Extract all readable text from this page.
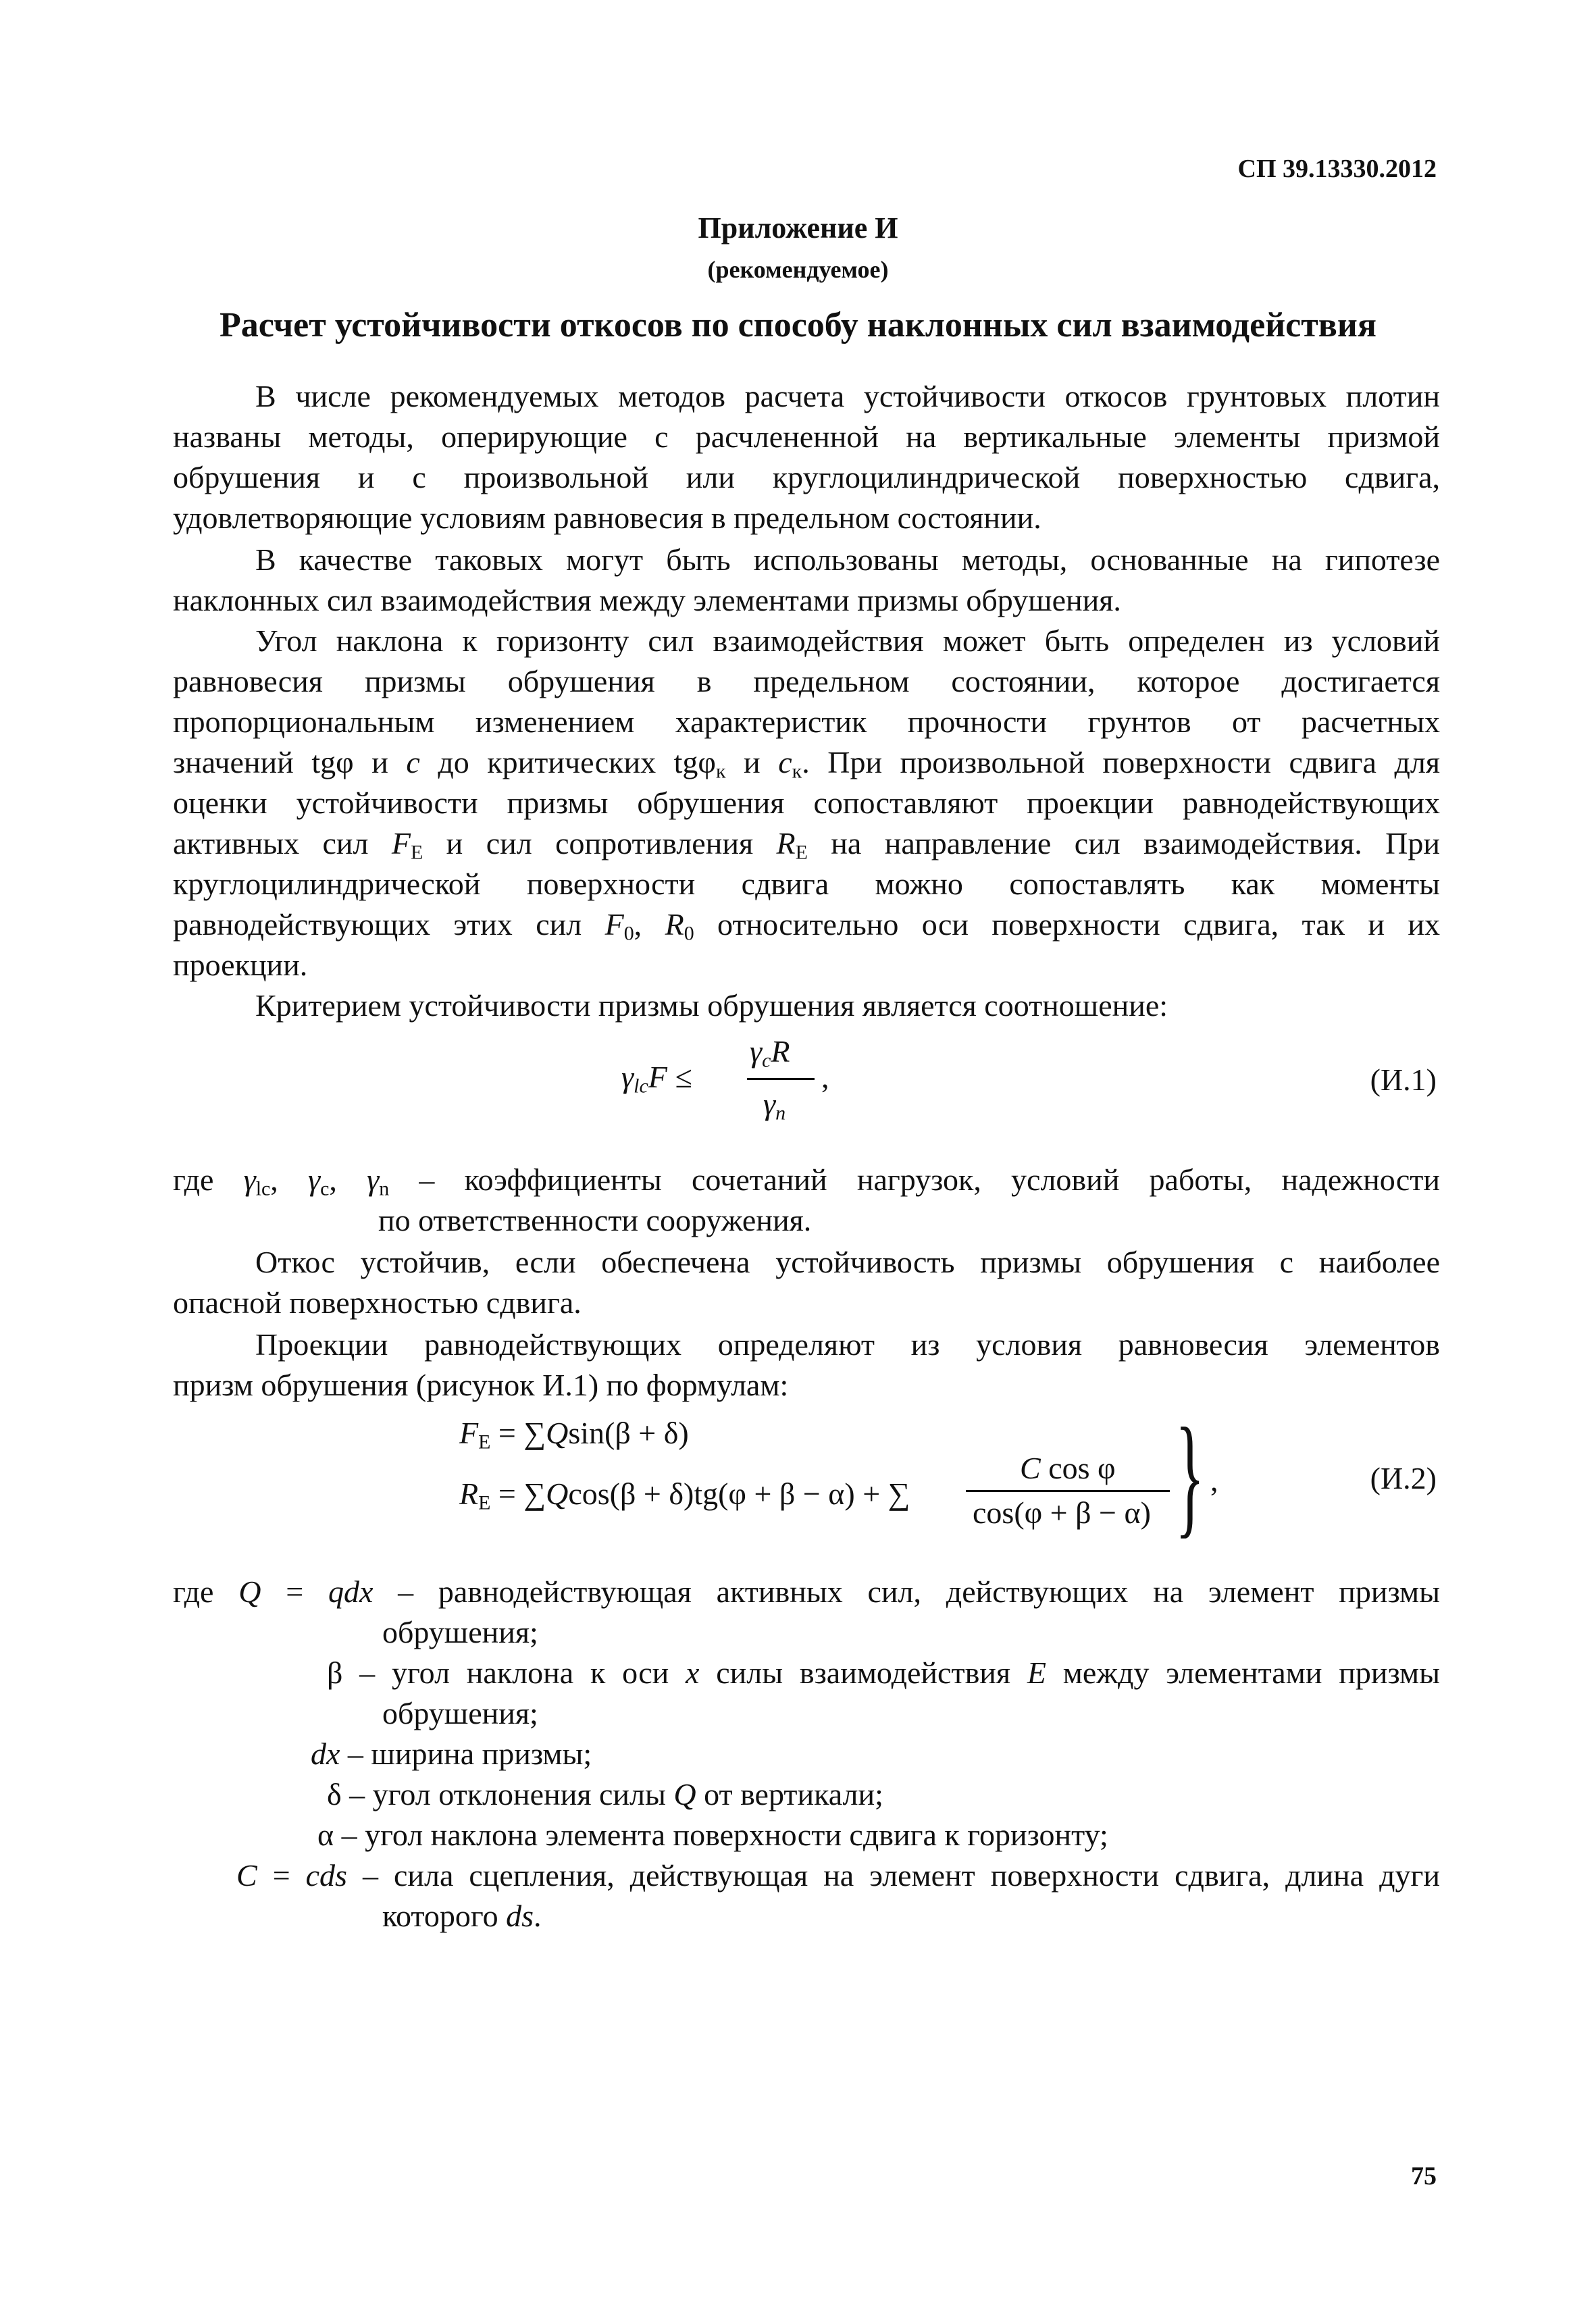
СП 39.13330.2012
Приложение И
(рекомендуемое)
Расчет устойчивости откосов по способу наклонных сил взаимодействия
В числе рекомендуемых методов расчета устойчивости откосов грунтовых плотин
названы методы, оперирующие с расчлененной на вертикальные элементы призмой
обрушения и с произвольной или круглоцилиндрической поверхностью сдвига,
удовлетворяющие условиям равновесия в предельном состоянии.
В качестве таковых могут быть использованы методы, основанные на гипотезе
наклонных сил взаимодействия между элементами призмы обрушения.
Угол наклона к горизонту сил взаимодействия может быть определен из условий
равновесия призмы обрушения в предельном состоянии, которое достигается
пропорциональным изменением характеристик прочности грунтов от расчетных
значений tgφ и c до критических tgφ$_к$ и $c_к$. При произвольной поверхности сдвига для
оценки устойчивости призмы обрушения сопоставляют проекции равнодействующих
активных сил $F_E$ и сил сопротивления $R_E$ на направление сил взаимодействия. При
круглоцилиндрической поверхности сдвига можно сопоставлять как моменты
равнодействующих этих сил $F_0$, $R_0$ относительно оси поверхности сдвига, так и их
проекции.
Критерием устойчивости призмы обрушения является соотношение:
$\gamma_{lc}F$ ≤
$\gamma_cR$
$\gamma_n$
,	(И.1)
где $\gamma_{lc}$, $\gamma_c$, $\gamma_n$ – коэффициенты сочетаний нагрузок, условий работы, надежности
по ответственности сооружения.
Откос устойчив, если обеспечена устойчивость призмы обрушения с наиболее
опасной поверхностью сдвига.
Проекции равнодействующих определяют из условия равновесия элементов
призм обрушения (рисунок И.1) по формулам:
$F_E = \sum Qsin(\beta + \delta)$
$R_E = \sum Qcos(\beta + \delta)tg(\varphi + \beta - \alpha)$ + ∑
C cos φ
cos(φ + β − α) } ,	(И.2)
где Q = qdx – равнодействующая активных сил, действующих на элемент призмы
обрушения;
β – угол наклона к оси x силы взаимодействия E между элементами призмы
обрушения;
dx – ширина призмы;
δ – угол отклонения силы Q от вертикали;
α – угол наклона элемента поверхности сдвига к горизонту;
C = cds – сила сцепления, действующая на элемент поверхности сдвига, длина дуги
которого ds.
75
